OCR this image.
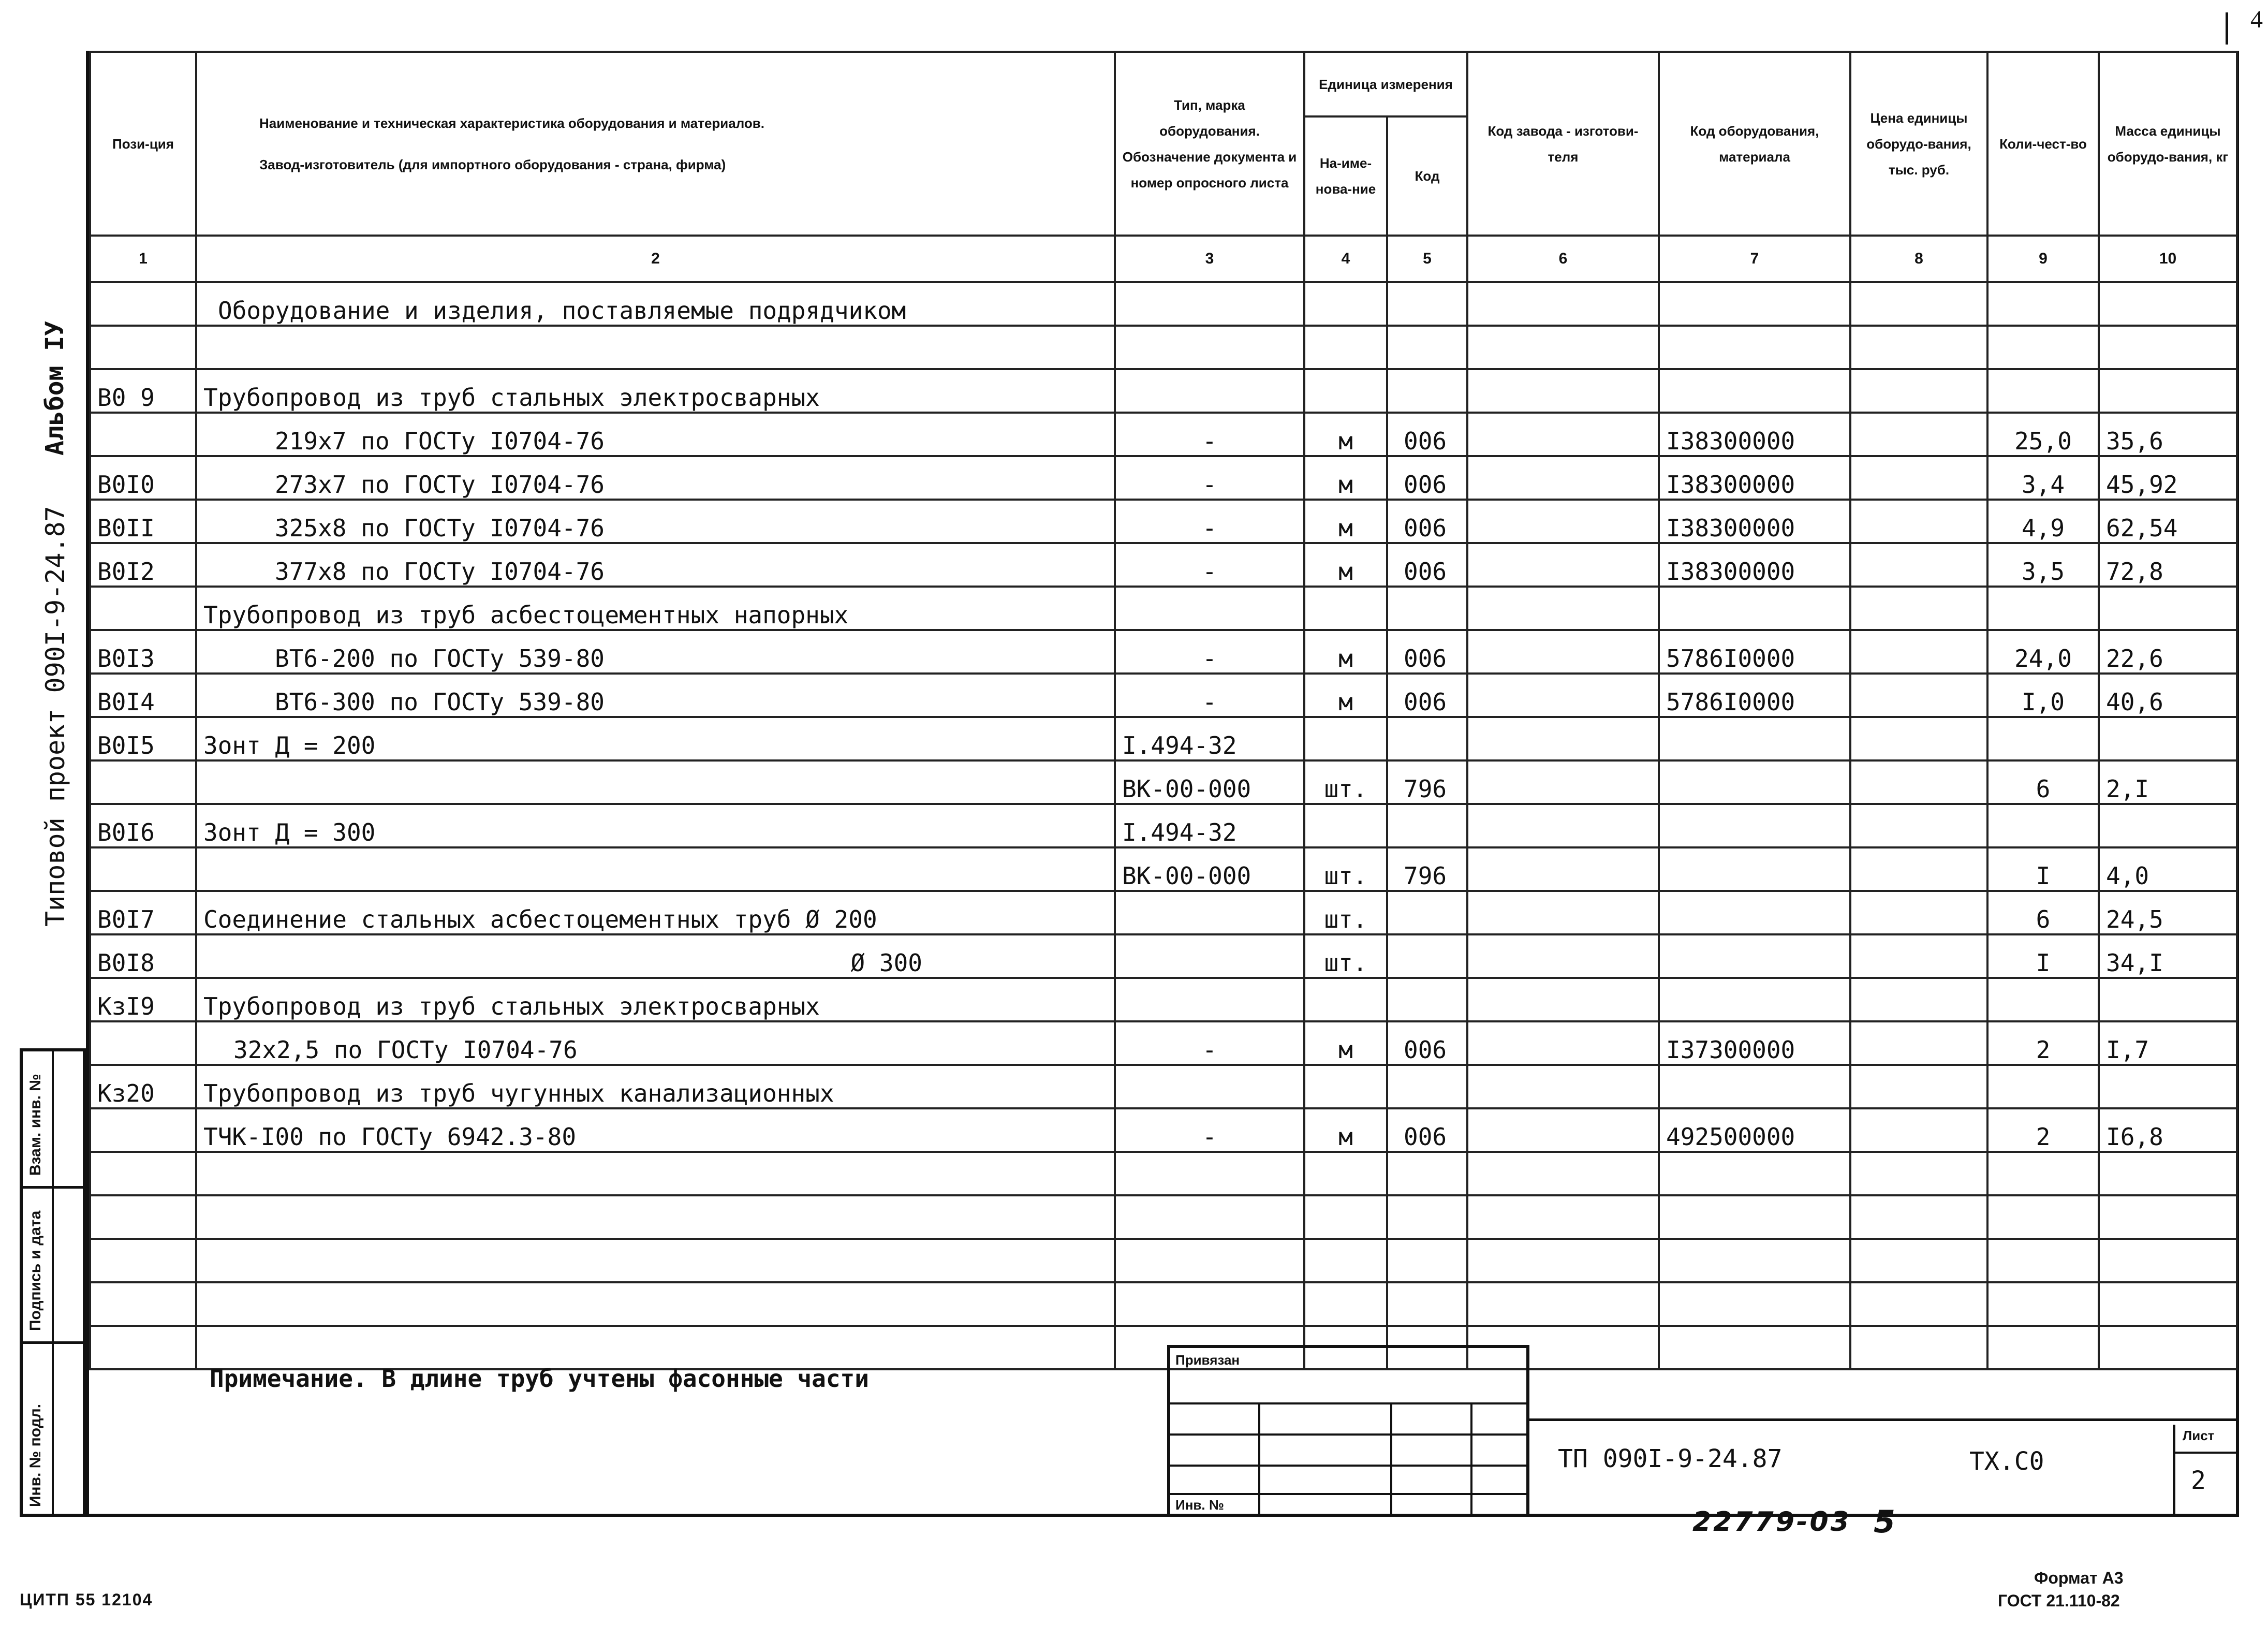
4
Альбом IУ
Типовой проект 090I-9-24.87
Взам. инв. №
Подпись и дата
Инв. № подл.
Пози-ция	Наименование и техническая характеристика оборудования и материалов.
Завод-изготовитель (для импортного оборудования - страна, фирма)	Тип, марка оборудования. Обозначение документа и номер опросного листа	Единица измерения		Код завода - изготови-теля	Код оборудования, материала	Цена единицы оборудо-вания, тыс. руб.	Коли-чест-во	Масса единицы оборудо-вания, кг
			На-име-нова-ние	Код					
1	2	3	4	5	6	7	8	9	10
	Оборудование и изделия, поставляемые подрядчиком								

В0 9	Трубопровод из труб стальных электросварных								
	219х7 по ГОСТу I0704-76	-	м	006		I38300000		25,0	35,6
В0I0	273х7 по ГОСТу I0704-76	-	м	006		I38300000		3,4	45,92
В0II	325х8 по ГОСТу I0704-76	-	м	006		I38300000		4,9	62,54
В0I2	377х8 по ГОСТу I0704-76	-	м	006		I38300000		3,5	72,8
	Трубопровод из труб асбестоцементных напорных								
В0I3	ВТ6-200 по ГОСТу 539-80	-	м	006		5786I0000		24,0	22,6
В0I4	ВТ6-300 по ГОСТу 539-80	-	м	006		5786I0000		I,0	40,6
В0I5	Зонт Д = 200	I.494-32							
		ВК-00-000	шт.	796				6	2,I
В0I6	Зонт Д = 300	I.494-32							
		ВК-00-000	шт.	796				I	4,0
В0I7	Соединение стальных асбестоцементных труб Ø 200		шт.					6	24,5
В0I8	Ø 300		шт.					I	34,I
КзI9	Трубопровод из труб стальных электросварных								
	32х2,5 по ГОСТу I0704-76	-	м	006		I37300000		2	I,7
Кз20	Трубопровод из труб чугунных канализационных								
	ТЧК-I00 по ГОСТу 6942.3-80	-	м	006		492500000		2	I6,8

Примечание. В длине труб учтены фасонные части
Привязан
Инв. №
ТП 090I-9-24.87	ТХ.С0
Лист
2
22779-03 5
ЦИТП 55 12104
Формат А3
ГОСТ 21.110-82
